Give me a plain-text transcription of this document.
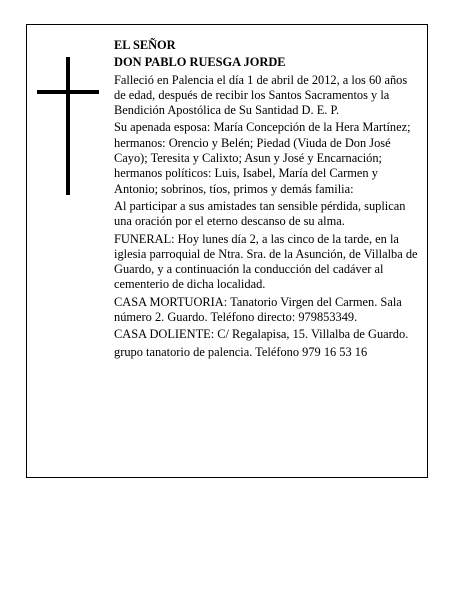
EL SEÑOR

DON PABLO RUESGA JORDE

Falleció en Palencia el día 1 de abril de 2012, a los 60 años de edad, después de recibir los Santos Sacramentos y la Bendición Apostólica de Su Santidad D. E. P.

Su apenada esposa: María Concepción de la Hera Martínez; hermanos: Orencio y Belén; Piedad (Viuda de Don José Cayo); Teresita y Calixto; Asun y José y Encarnación; hermanos políticos: Luis, Isabel, María del Carmen y Antonio; sobrinos, tíos, primos y demás familia:

Al participar a sus amistades tan sensible pérdida, suplican una oración por el eterno descanso de su alma.

FUNERAL: Hoy lunes día 2, a las cinco de la tarde, en la iglesia parroquial de Ntra. Sra. de la Asunción, de Villalba de Guardo, y a continuación la conducción del cadáver al cementerio de dicha localidad.

CASA MORTUORIA: Tanatorio Virgen del Carmen. Sala número 2. Guardo. Teléfono directo: 979853349.

CASA DOLIENTE: C/ Regalapisa, 15. Villalba de Guardo.

grupo tanatorio de palencia. Teléfono 979 16 53 16
